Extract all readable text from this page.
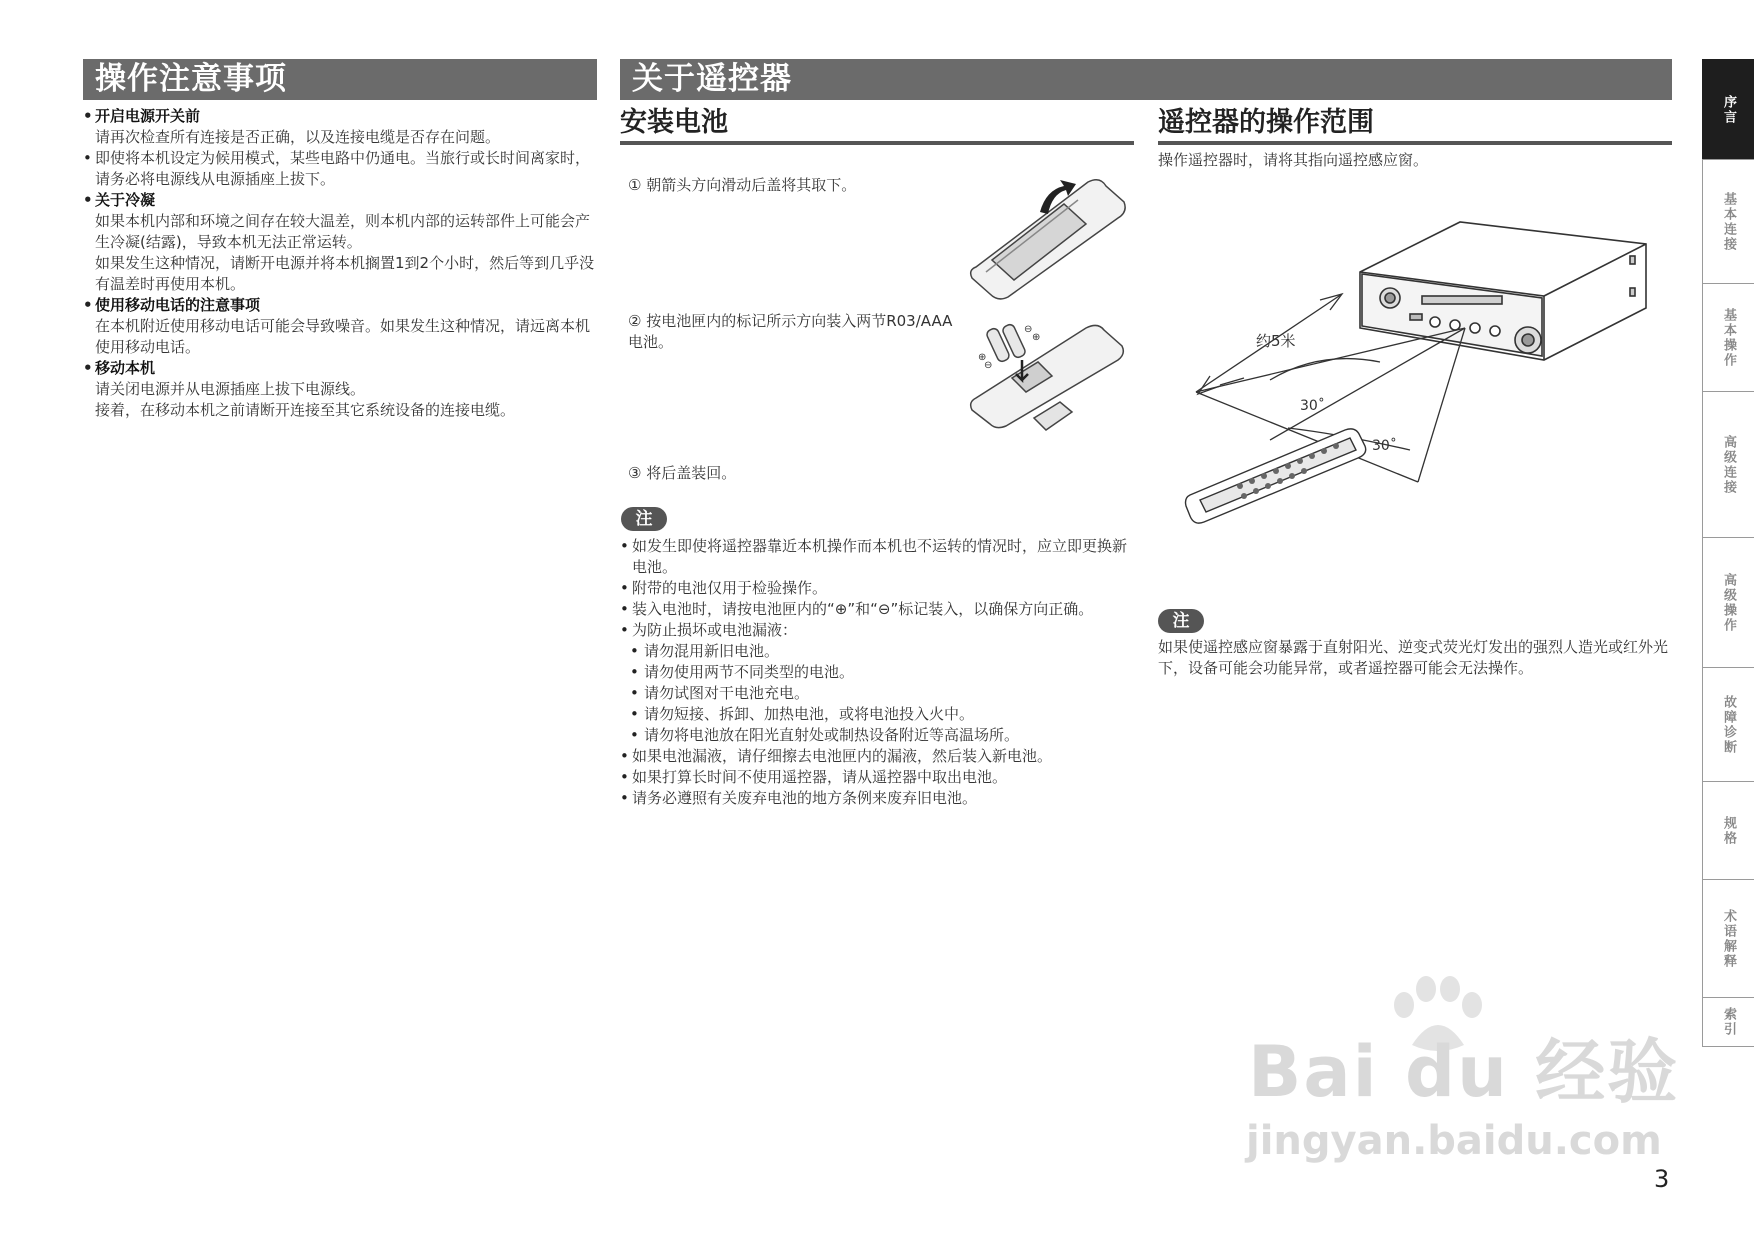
操作注意事项	关于遥控器

• 开启电源开关前

请再次检查所有连接是否正确，以及连接电缆是否存在问题。

• 即使将本机设定为候用模式，某些电路中仍通电。当旅行或长时间离家时，请务必将电源线从电源插座上拔下。

• 关于冷凝

如果本机内部和环境之间存在较大温差，则本机内部的运转部件上可能会产生冷凝(结露)，导致本机无法正常运转。

如果发生这种情况，请断开电源并将本机搁置1到2个小时，然后等到几乎没有温差时再使用本机。

• 使用移动电话的注意事项

在本机附近使用移动电话可能会导致噪音。如果发生这种情况，请远离本机使用移动电话。

• 移动本机

请关闭电源并从电源插座上拔下电源线。

接着，在移动本机之前请断开连接至其它系统设备的连接电缆。

安装电池
① 朝箭头方向滑动后盖将其取下。
② 按电池匣内的标记所示方向装入两节R03/AAA电池。
⊕
⊖
⊕
⊖
③ 将后盖装回。
注

• 如发生即使将遥控器靠近本机操作而本机也不运转的情况时，应立即更换新电池。

• 附带的电池仅用于检验操作。

• 装入电池时，请按电池匣内的“⊕”和“⊖”标记装入，以确保方向正确。

• 为防止损坏或电池漏液：

• 请勿混用新旧电池。

• 请勿使用两节不同类型的电池。

• 请勿试图对干电池充电。

• 请勿短接、拆卸、加热电池，或将电池投入火中。

• 请勿将电池放在阳光直射处或制热设备附近等高温场所。

• 如果电池漏液，请仔细擦去电池匣内的漏液，然后装入新电池。

• 如果打算长时间不使用遥控器，请从遥控器中取出电池。

• 请务必遵照有关废弃电池的地方条例来废弃旧电池。

遥控器的操作范围
操作遥控器时，请将其指向遥控感应窗。
约5米
30˚
30˚
注
如果使遥控感应窗暴露于直射阳光、逆变式荧光灯发出的强烈人造光或红外光下，设备可能会功能异常，或者遥控器可能会无法操作。
序言
基本连接
基本操作
高级连接
高级操作
故障诊断
规格
术语解释
索引
Bai du 经验
jingyan.baidu.com
3
